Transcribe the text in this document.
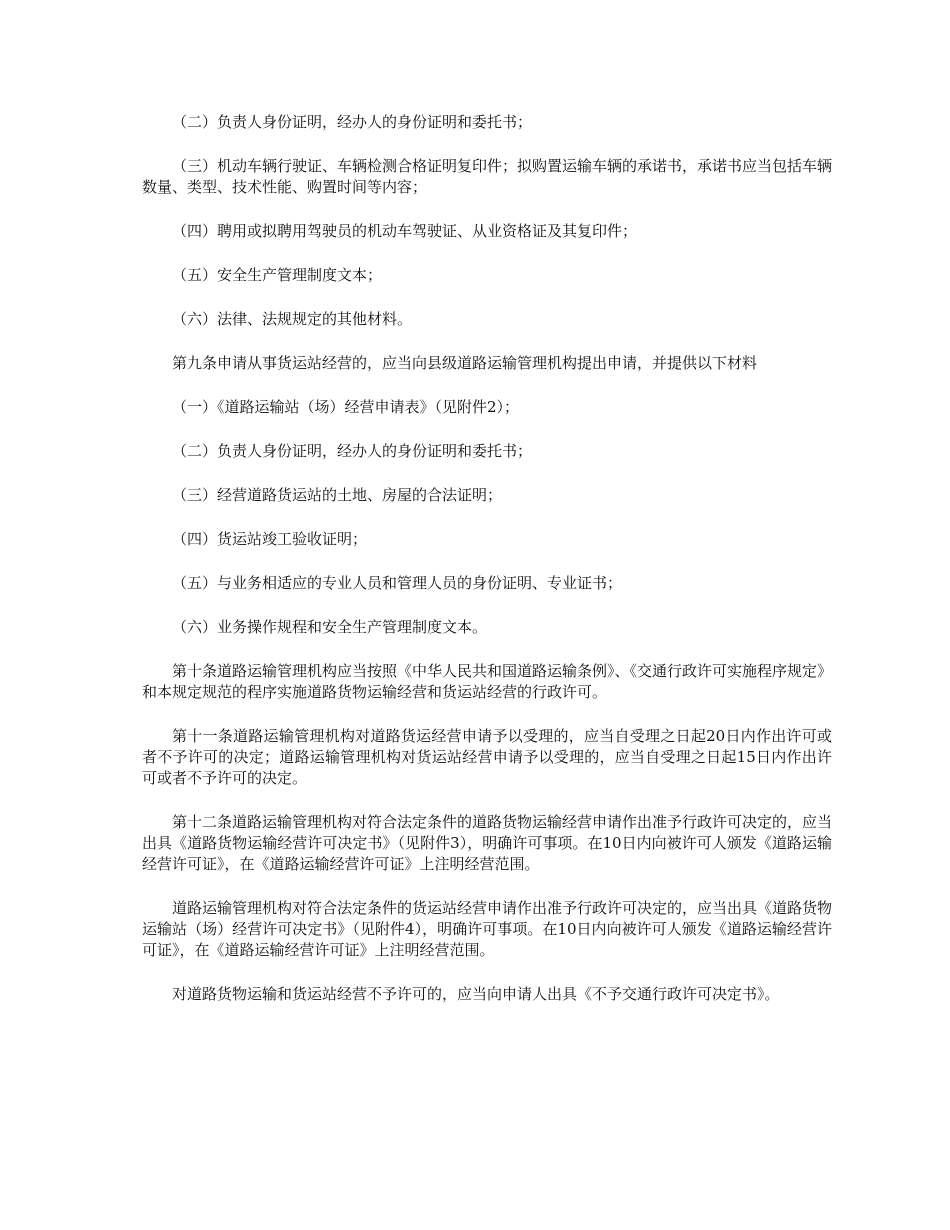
（二）负责人身份证明，经办人的身份证明和委托书；

（三）机动车辆行驶证、车辆检测合格证明复印件；拟购置运输车辆的承诺书，承诺书应当包括车辆数量、类型、技术性能、购置时间等内容；

（四）聘用或拟聘用驾驶员的机动车驾驶证、从业资格证及其复印件；

（五）安全生产管理制度文本；

（六）法律、法规规定的其他材料。

第九条申请从事货运站经营的，应当向县级道路运输管理机构提出申请，并提供以下材料

（一）《道路运输站（场）经营申请表》（见附件2）；

（二）负责人身份证明，经办人的身份证明和委托书；

（三）经营道路货运站的土地、房屋的合法证明；

（四）货运站竣工验收证明；

（五）与业务相适应的专业人员和管理人员的身份证明、专业证书；

（六）业务操作规程和安全生产管理制度文本。

第十条道路运输管理机构应当按照《中华人民共和国道路运输条例》、《交通行政许可实施程序规定》和本规定规范的程序实施道路货物运输经营和货运站经营的行政许可。

第十一条道路运输管理机构对道路货运经营申请予以受理的，应当自受理之日起20日内作出许可或者不予许可的决定；道路运输管理机构对货运站经营申请予以受理的，应当自受理之日起15日内作出许可或者不予许可的决定。

第十二条道路运输管理机构对符合法定条件的道路货物运输经营申请作出准予行政许可决定的，应当出具《道路货物运输经营许可决定书》（见附件3），明确许可事项。在10日内向被许可人颁发《道路运输经营许可证》，在《道路运输经营许可证》上注明经营范围。

道路运输管理机构对符合法定条件的货运站经营申请作出准予行政许可决定的，应当出具《道路货物运输站（场）经营许可决定书》（见附件4），明确许可事项。在10日内向被许可人颁发《道路运输经营许可证》，在《道路运输经营许可证》上注明经营范围。

对道路货物运输和货运站经营不予许可的，应当向申请人出具《不予交通行政许可决定书》。
